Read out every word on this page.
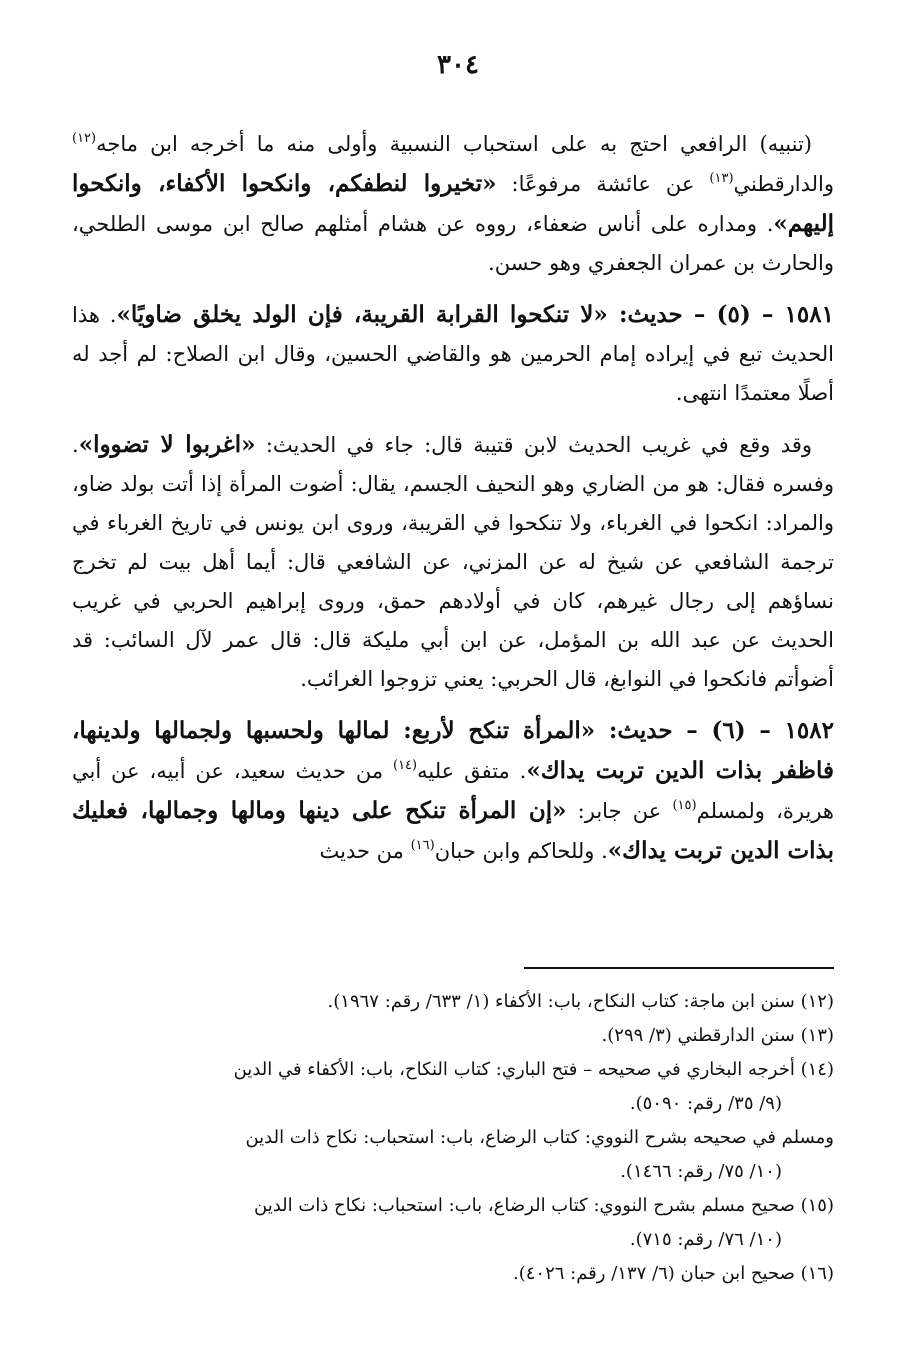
٣٠٤

(تنبيه) الرافعي احتج به على استحباب النسبية وأولى منه ما أخرجه ابن ماجه$^{(١٢)}$ والدارقطني$^{(١٣)}$ عن عائشة مرفوعًا: «تخيروا لنطفكم، وانكحوا الأكفاء، وانكحوا إليهم». ومداره على أناس ضعفاء، رووه عن هشام أمثلهم صالح ابن موسى الطلحي، والحارث بن عمران الجعفري وهو حسن.

١٥٨١ – (٥) – حديث: «لا تنكحوا القرابة القريبة، فإن الولد يخلق ضاويًا». هذا الحديث تبع في إيراده إمام الحرمين هو والقاضي الحسين، وقال ابن الصلاح: لم أجد له أصلًا معتمدًا انتهى.

وقد وقع في غريب الحديث لابن قتيبة قال: جاء في الحديث: «اغربوا لا تضووا». وفسره فقال: هو من الضاري وهو النحيف الجسم، يقال: أضوت المرأة إذا أتت بولد ضاو، والمراد: انكحوا في الغرباء، ولا تنكحوا في القريبة، وروى ابن يونس في تاريخ الغرباء في ترجمة الشافعي عن شيخ له عن المزني، عن الشافعي قال: أيما أهل بيت لم تخرج نساؤهم إلى رجال غيرهم، كان في أولادهم حمق، وروى إبراهيم الحربي في غريب الحديث عن عبد الله بن المؤمل، عن ابن أبي مليكة قال: قال عمر لآل السائب: قد أضوأتم فانكحوا في النوابغ، قال الحربي: يعني تزوجوا الغرائب.

١٥٨٢ – (٦) – حديث: «المرأة تنكح لأربع: لمالها ولحسبها ولجمالها ولدينها، فاظفر بذات الدين تربت يداك». متفق عليه$^{(١٤)}$ من حديث سعيد، عن أبيه، عن أبي هريرة، ولمسلم$^{(١٥)}$ عن جابر: «إن المرأة تنكح على دينها ومالها وجمالها، فعليك بذات الدين تربت يداك». وللحاكم وابن حبان$^{(١٦)}$ من حديث

(١٢) سنن ابن ماجة: كتاب النكاح، باب: الأكفاء (١/ ٦٣٣/ رقم: ١٩٦٧).

(١٣) سنن الدارقطني (٣/ ٢٩٩).

(١٤) أخرجه البخاري في صحيحه – فتح الباري: كتاب النكاح، باب: الأكفاء في الدين

(٩/ ٣٥/ رقم: ٥٠٩٠).

ومسلم في صحيحه بشرح النووي: كتاب الرضاع، باب: استحباب: نكاح ذات الدين

(١٠/ ٧٥/ رقم: ١٤٦٦).

(١٥) صحيح مسلم بشرح النووي: كتاب الرضاع، باب: استحباب: نكاح ذات الدين

(١٠/ ٧٦/ رقم: ٧١٥).

(١٦) صحيح ابن حبان (٦/ ١٣٧/ رقم: ٤٠٢٦).
